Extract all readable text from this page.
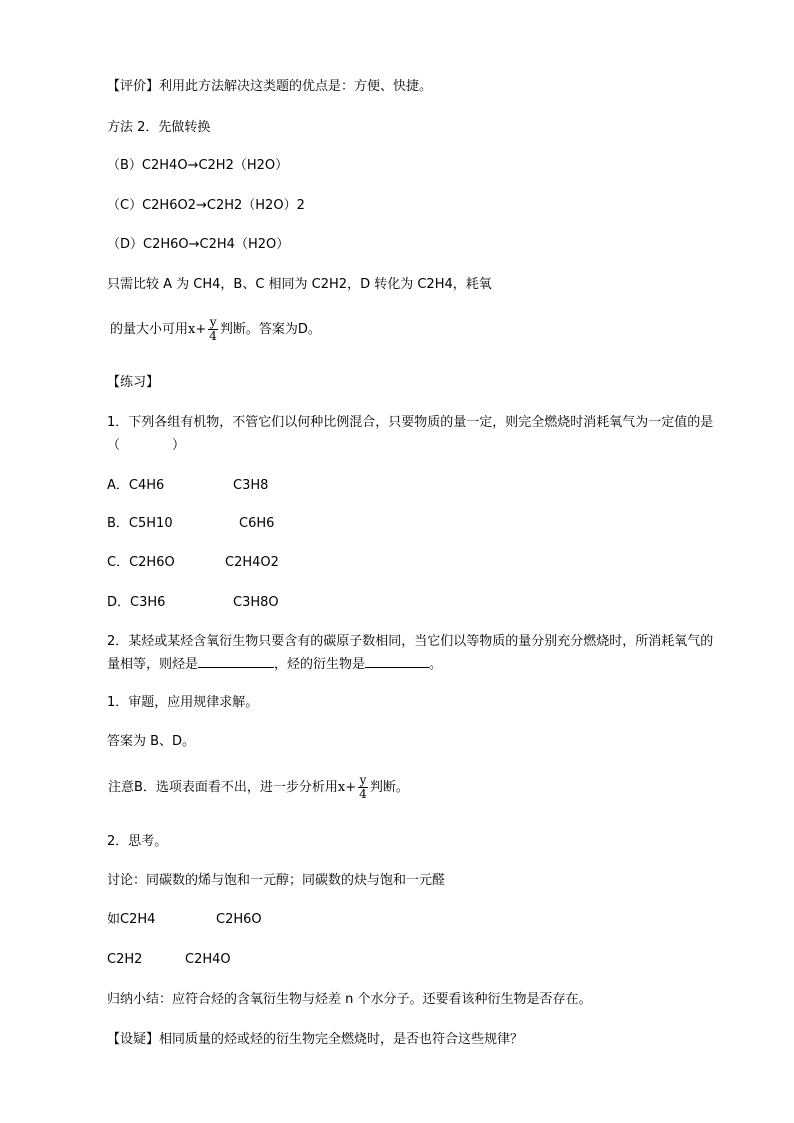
【评价】利用此方法解决这类题的优点是：方便、快捷。
方法 2．先做转换
（B）C2H4O→C2H2（H2O）
（C）C2H6O2→C2H2（H2O）2
（D）C2H6O→C2H4（H2O）
只需比较 A 为 CH4，B、C 相同为 C2H2，D 转化为 C2H4，耗氧
的量大小可用$x+ \frac{y}{4}$ 判断。答案为D。
【练习】
1．下列各组有机物，不管它们以何种比例混合，只要物质的量一定，则完全燃烧时消耗氧气为一定值的是　（　　　　）
A．C4H6	C3H8
B．C5H10	C6H6
C．C2H6O	C2H4O2
D．C3H6	C3H8O
2．某烃或某烃含氧衍生物只要含有的碳原子数相同，当它们以等物质的量分别充分燃烧时，所消耗氧气的量相等，则烃是	，烃的衍生物是	。
1．审题，应用规律求解。
答案为 B、D。
注意B．选项表面看不出，进一步分析用$x+ \frac{y}{4}$ 判断。
2．思考。
讨论：同碳数的烯与饱和一元醇；同碳数的炔与饱和一元醛
如C2H4	C2H6O
C2H2	C2H4O
归纳小结：应符合烃的含氧衍生物与烃差 n 个水分子。还要看该种衍生物是否存在。
【设疑】相同质量的烃或烃的衍生物完全燃烧时，是否也符合这些规律？
